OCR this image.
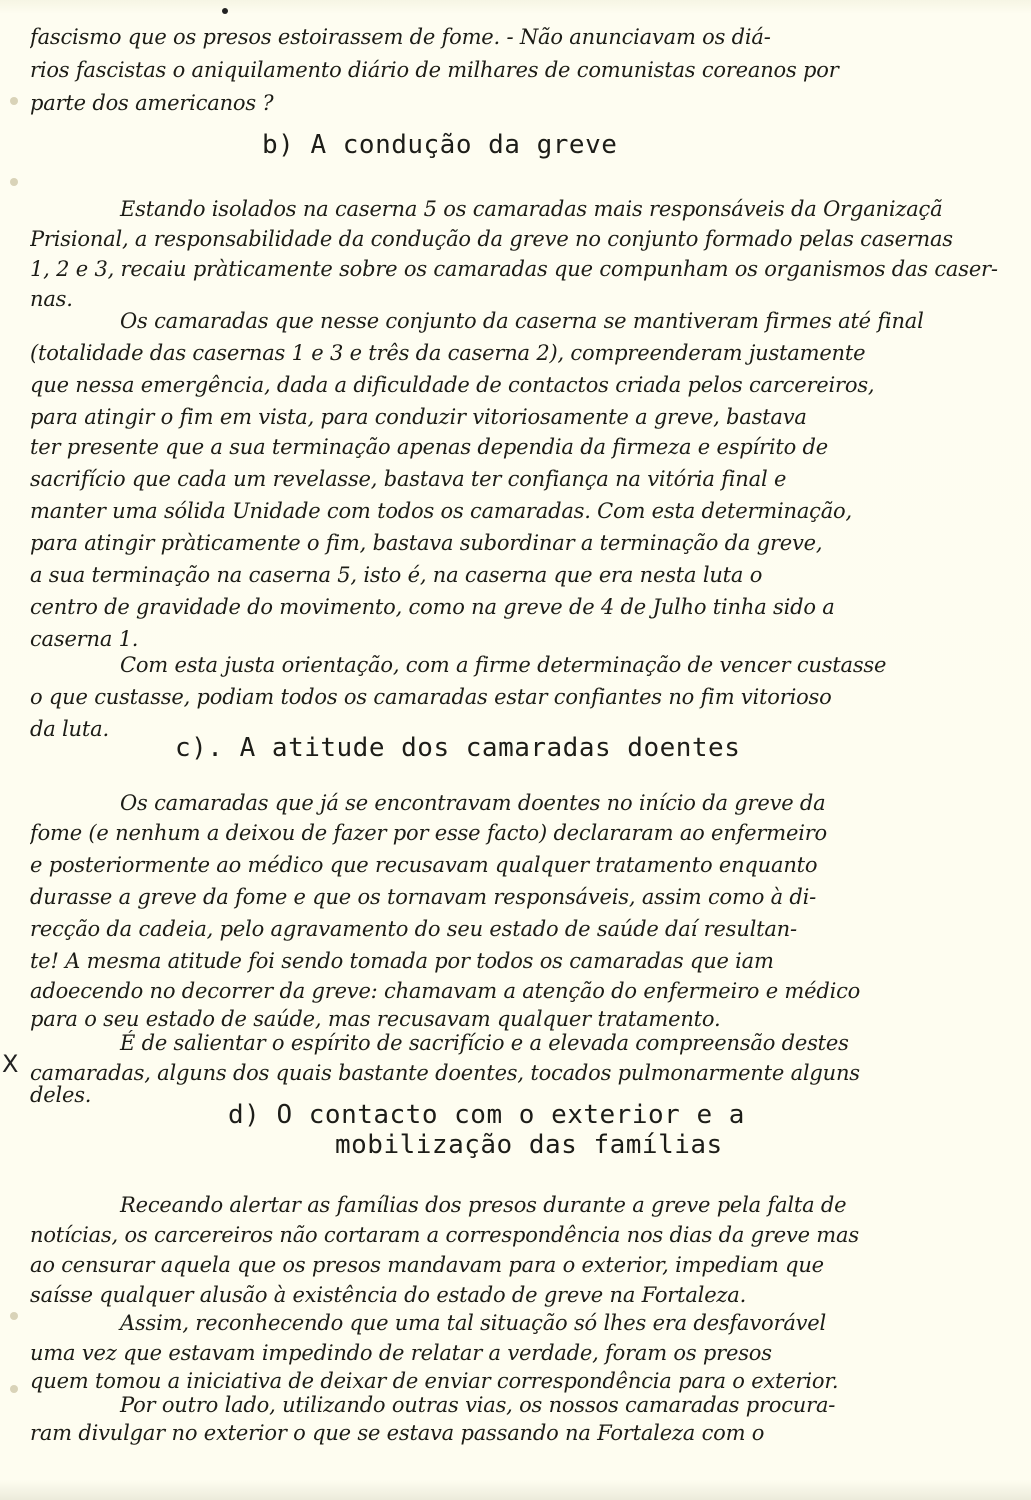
fascismo que os presos estoirassem de fome. - Não anunciavam os diá-
rios fascistas o aniquilamento diário de milhares de comunistas coreanos por
parte dos americanos ?
b) A condução da greve
Estando isolados na caserna 5 os camaradas mais responsáveis da Organizaçã
Prisional, a responsabilidade da condução da greve no conjunto formado pelas casernas
1, 2 e 3, recaiu pràticamente sobre os camaradas que compunham os organismos das caser-
nas.
Os camaradas que nesse conjunto da caserna se mantiveram firmes até final
(totalidade das casernas 1 e 3 e três da caserna 2), compreenderam justamente
que nessa emergência, dada a dificuldade de contactos criada pelos carcereiros,
para atingir o fim em vista, para conduzir vitoriosamente a greve, bastava
ter presente que a sua terminação apenas dependia da firmeza e espírito de
sacrifício que cada um revelasse, bastava ter confiança na vitória final e
manter uma sólida Unidade com todos os camaradas. Com esta determinação,
para atingir pràticamente o fim, bastava subordinar a terminação da greve,
a sua terminação na caserna 5, isto é, na caserna que era nesta luta o
centro de gravidade do movimento, como na greve de 4 de Julho tinha sido a
caserna 1.
Com esta justa orientação, com a firme determinação de vencer custasse
o que custasse, podiam todos os camaradas estar confiantes no fim vitorioso
da luta.
c). A atitude dos camaradas doentes
Os camaradas que já se encontravam doentes no início da greve da
fome (e nenhum a deixou de fazer por esse facto) declararam ao enfermeiro
e posteriormente ao médico que recusavam qualquer tratamento enquanto
durasse a greve da fome e que os tornavam responsáveis, assim como à di-
recção da cadeia, pelo agravamento do seu estado de saúde daí resultan-
te! A mesma atitude foi sendo tomada por todos os camaradas que iam
adoecendo no decorrer da greve: chamavam a atenção do enfermeiro e médico
para o seu estado de saúde, mas recusavam qualquer tratamento.
É de salientar o espírito de sacrifício e a elevada compreensão destes
X camaradas, alguns dos quais bastante doentes, tocados pulmonarmente alguns
deles.
d) O contacto com o exterior e a
mobilização das famílias
Receando alertar as famílias dos presos durante a greve pela falta de
notícias, os carcereiros não cortaram a correspondência nos dias da greve mas
ao censurar aquela que os presos mandavam para o exterior, impediam que
saísse qualquer alusão à existência do estado de greve na Fortaleza.
Assim, reconhecendo que uma tal situação só lhes era desfavorável
uma vez que estavam impedindo de relatar a verdade, foram os presos
quem tomou a iniciativa de deixar de enviar correspondência para o exterior.
Por outro lado, utilizando outras vias, os nossos camaradas procura-
ram divulgar no exterior o que se estava passando na Fortaleza com o
